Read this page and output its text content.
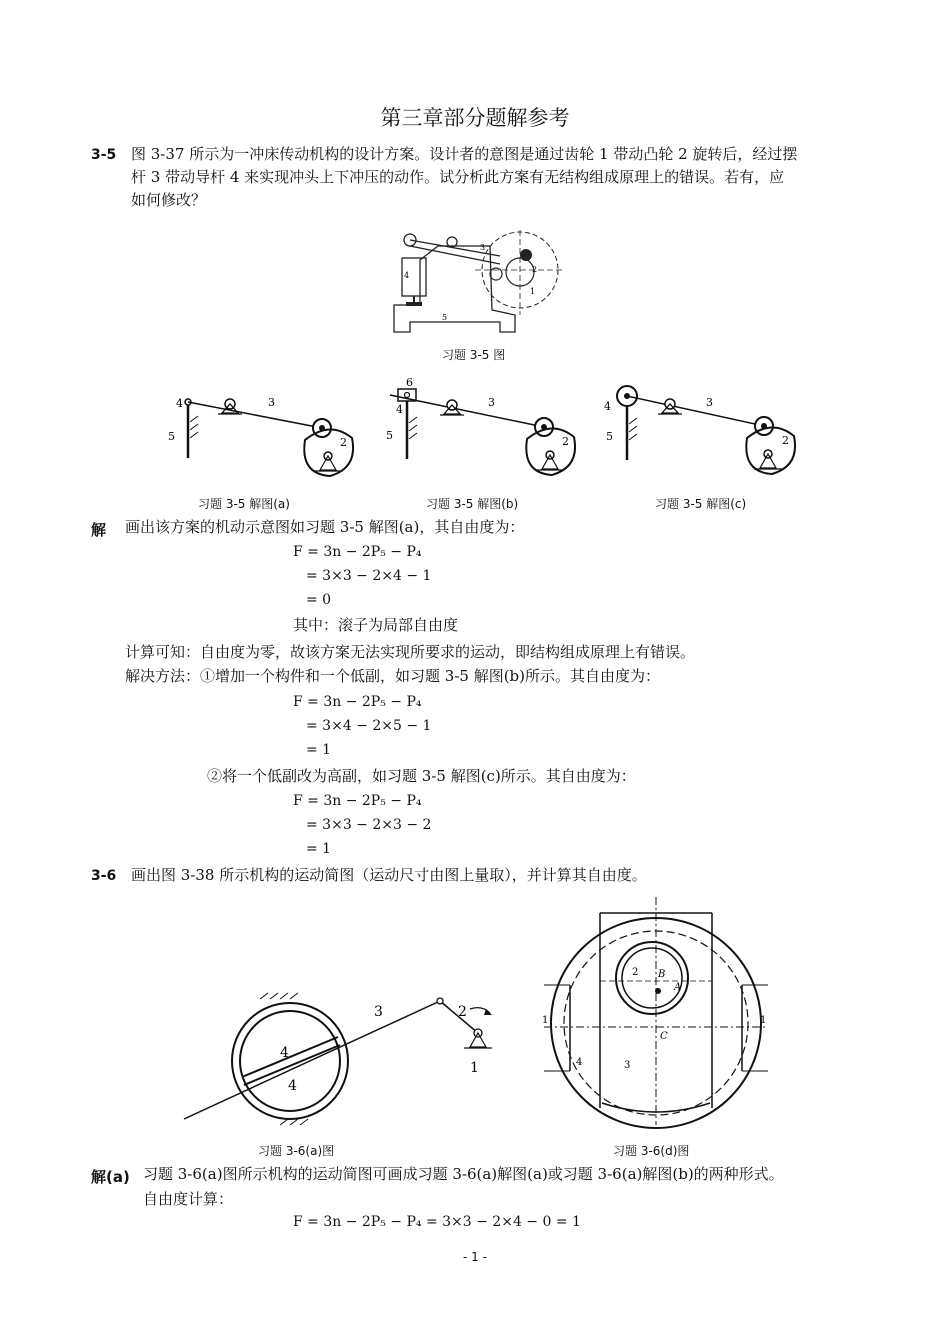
第三章部分题解参考
3-5 图 3-37 所示为一冲床传动机构的设计方案。设计者的意图是通过齿轮 1 带动凸轮 2 旋转后，经过摆
杆 3 带动导杆 4 来实现冲头上下冲压的动作。试分析此方案有无结构组成原理上的错误。若有，应
如何修改？
4
3
2
1
5
习题 3-5 图
4	3
5	2
6
4
3
5	2
4	3
5	2
习题 3-5 解图(a)	习题 3-5 解图(b)	习题 3-5 解图(c)
解 画出该方案的机动示意图如习题 3-5 解图(a)，其自由度为：
F = 3n − 2P₅ − P₄
= 3×3 − 2×4 − 1
= 0
其中：滚子为局部自由度
计算可知：自由度为零，故该方案无法实现所要求的运动，即结构组成原理上有错误。
解决方法：①增加一个构件和一个低副，如习题 3-5 解图(b)所示。其自由度为：
F = 3n − 2P₅ − P₄
= 3×4 − 2×5 − 1
= 1
②将一个低副改为高副，如习题 3-5 解图(c)所示。其自由度为：
F = 3n − 2P₅ − P₄
= 3×3 − 2×3 − 2
= 1
3-6 画出图 3-38 所示机构的运动简图（运动尺寸由图上量取），并计算其自由度。
3	2
4
4
1
习题 3-6(a)图
2 B
A
1	1
C
4	3
习题 3-6(d)图
解(a) 习题 3-6(a)图所示机构的运动简图可画成习题 3-6(a)解图(a)或习题 3-6(a)解图(b)的两种形式。
自由度计算：
F = 3n − 2P₅ − P₄ = 3×3 − 2×4 − 0 = 1
- 1 -
